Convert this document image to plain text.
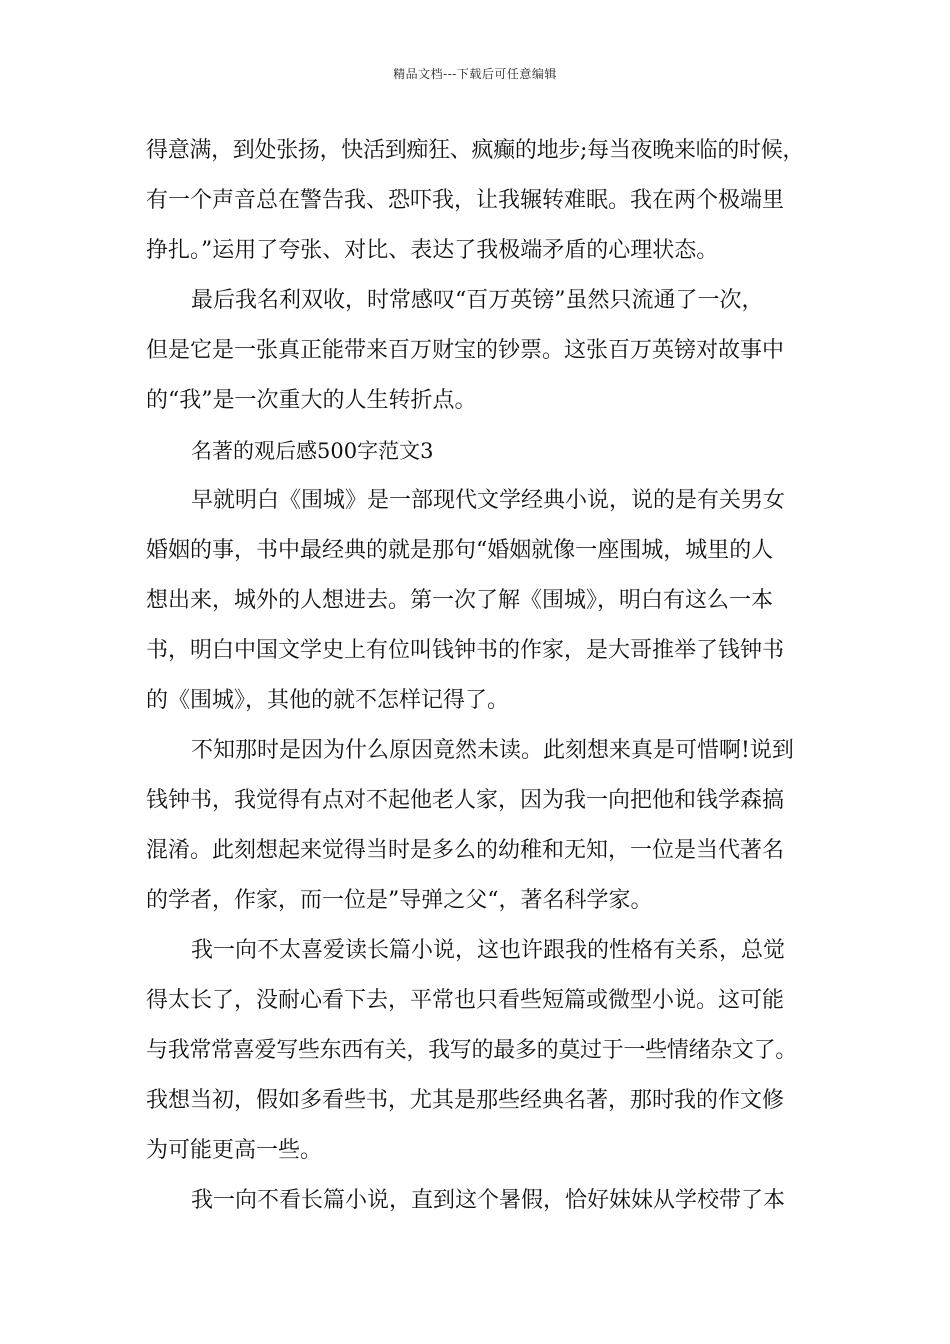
精品文档---下载后可任意编辑
得意满，到处张扬，快活到痴狂、疯癫的地步;每当夜晚来临的时候，
有一个声音总在警告我、恐吓我，让我辗转难眠。我在两个极端里
挣扎。”运用了夸张、对比、表达了我极端矛盾的心理状态。
最后我名利双收，时常感叹“百万英镑”虽然只流通了一次，
但是它是一张真正能带来百万财宝的钞票。这张百万英镑对故事中
的“我”是一次重大的人生转折点。
名著的观后感500字范文3
早就明白《围城》是一部现代文学经典小说，说的是有关男女
婚姻的事，书中最经典的就是那句“婚姻就像一座围城，城里的人
想出来，城外的人想进去。第一次了解《围城》，明白有这么一本
书，明白中国文学史上有位叫钱钟书的作家，是大哥推举了钱钟书
的《围城》，其他的就不怎样记得了。
不知那时是因为什么原因竟然未读。此刻想来真是可惜啊!说到
钱钟书，我觉得有点对不起他老人家，因为我一向把他和钱学森搞
混淆。此刻想起来觉得当时是多么的幼稚和无知，一位是当代著名
的学者，作家，而一位是”导弹之父“，著名科学家。
我一向不太喜爱读长篇小说，这也许跟我的性格有关系，总觉
得太长了，没耐心看下去，平常也只看些短篇或微型小说。这可能
与我常常喜爱写些东西有关，我写的最多的莫过于一些情绪杂文了。
我想当初，假如多看些书，尤其是那些经典名著，那时我的作文修
为可能更高一些。
我一向不看长篇小说，直到这个暑假，恰好妹妹从学校带了本
